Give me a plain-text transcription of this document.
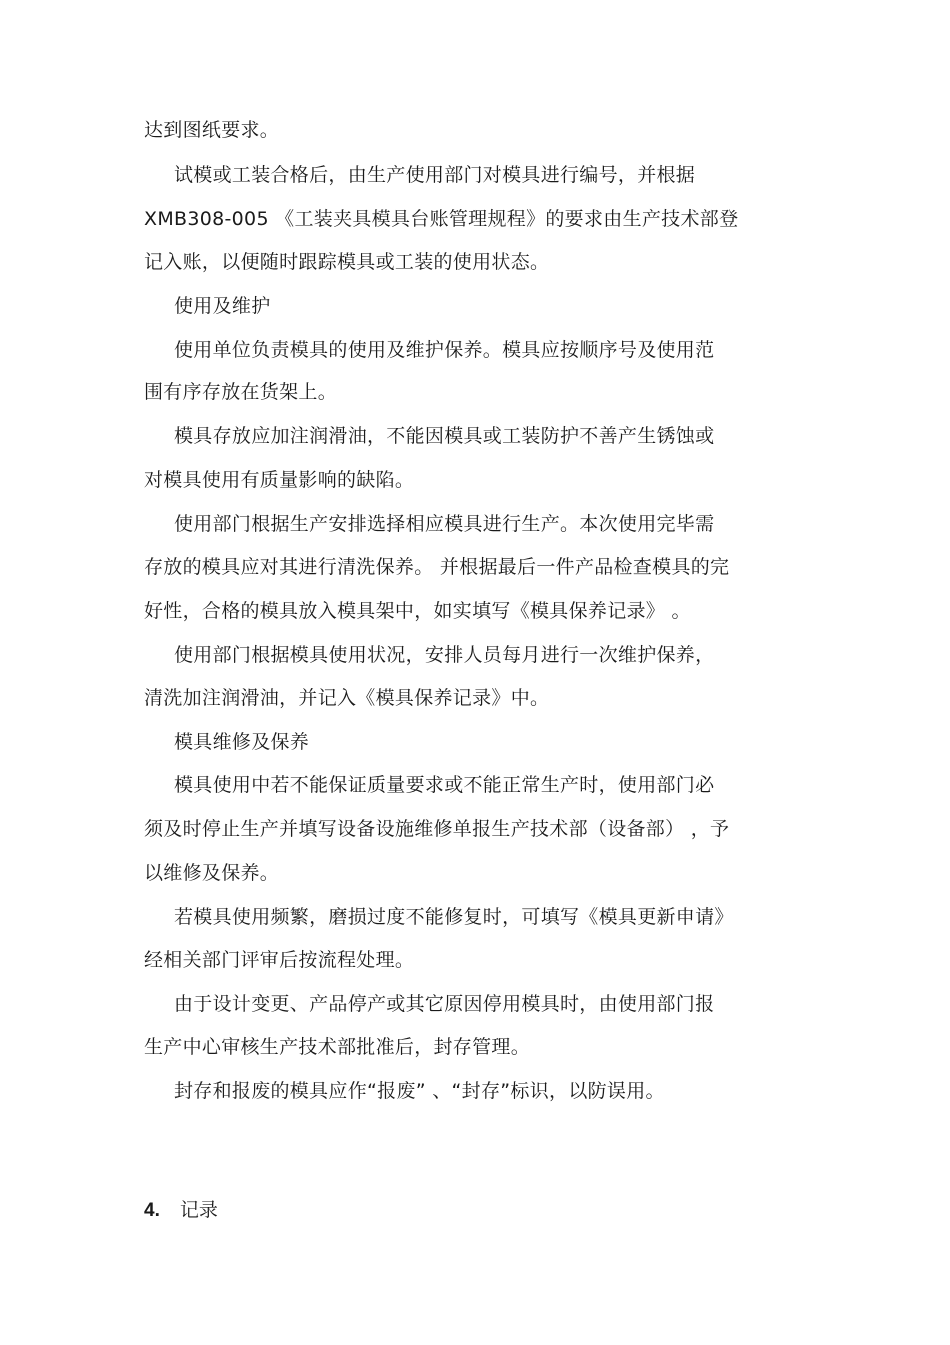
达到图纸要求。
试模或工装合格后，由生产使用部门对模具进行编号，并根据
XMB308-005 《工装夹具模具台账管理规程》的要求由生产技术部登
记入账，以便随时跟踪模具或工装的使用状态。
使用及维护
使用单位负责模具的使用及维护保养。模具应按顺序号及使用范
围有序存放在货架上。
模具存放应加注润滑油，不能因模具或工装防护不善产生锈蚀或
对模具使用有质量影响的缺陷。
使用部门根据生产安排选择相应模具进行生产。本次使用完毕需
存放的模具应对其进行清洗保养。 并根据最后一件产品检查模具的完
好性，合格的模具放入模具架中，如实填写《模具保养记录》 。
使用部门根据模具使用状况，安排人员每月进行一次维护保养，
清洗加注润滑油，并记入《模具保养记录》中。
模具维修及保养
模具使用中若不能保证质量要求或不能正常生产时，使用部门必
须及时停止生产并填写设备设施维修单报生产技术部（设备部） ，予
以维修及保养。
若模具使用频繁，磨损过度不能修复时，可填写《模具更新申请》
经相关部门评审后按流程处理。
由于设计变更、产品停产或其它原因停用模具时，由使用部门报
生产中心审核生产技术部批准后，封存管理。
封存和报废的模具应作“报废” 、“封存”标识，以防误用。
4. 记录
